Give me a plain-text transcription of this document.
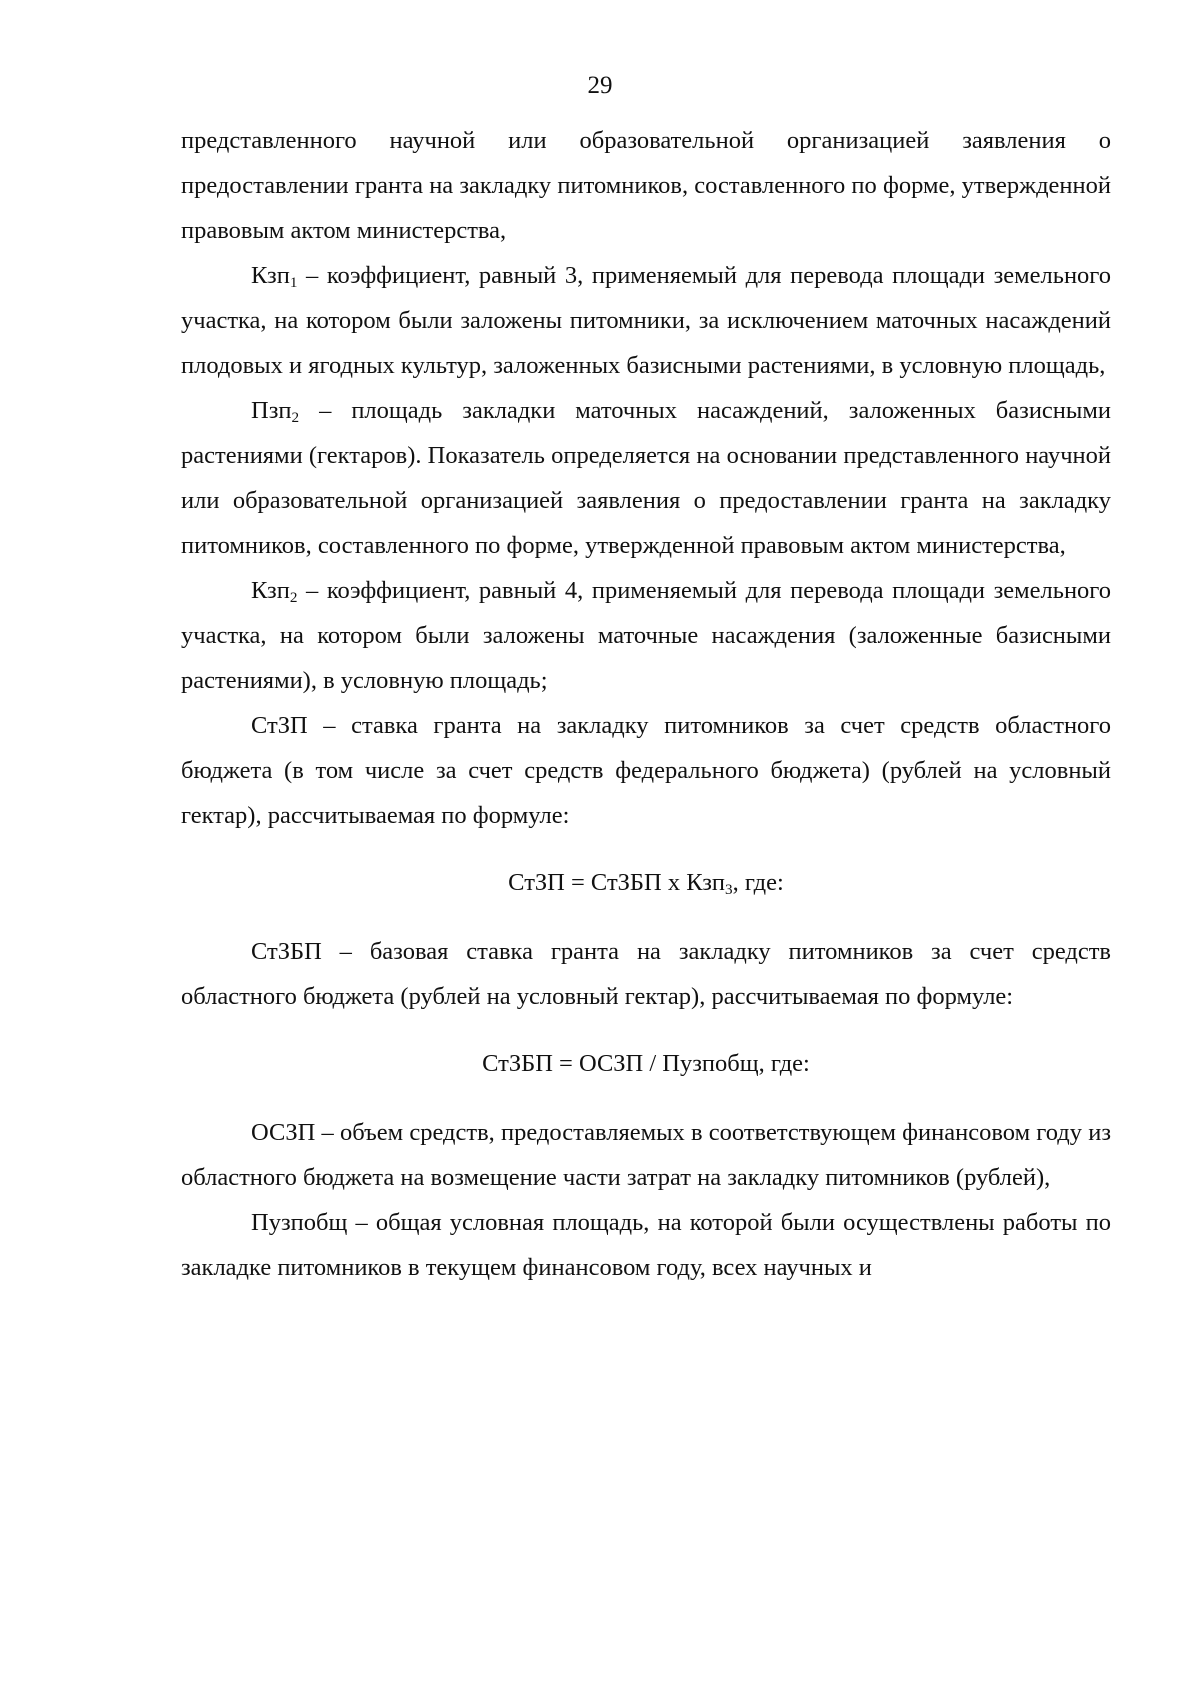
29

представленного научной или образовательной организацией заявления о предоставлении гранта на закладку питомников, составленного по форме, утвержденной правовым актом министерства,

Кзп$_1$ – коэффициент, равный 3, применяемый для перевода площади земельного участка, на котором были заложены питомники, за исключением маточных насаждений плодовых и ягодных культур, заложенных базисными растениями, в условную площадь,

Пзп$_2$ – площадь закладки маточных насаждений, заложенных базисными растениями (гектаров). Показатель определяется на основании представленного научной или образовательной организацией заявления о предоставлении гранта на закладку питомников, составленного по форме, утвержденной правовым актом министерства,

Кзп$_2$ – коэффициент, равный 4, применяемый для перевода площади земельного участка, на котором были заложены маточные насаждения (заложенные базисными растениями), в условную площадь;

СтЗП – ставка гранта на закладку питомников за счет средств областного бюджета (в том числе за счет средств федерального бюджета) (рублей на условный гектар), рассчитываемая по формуле:

СтЗП = СтЗБП х Кзп$_3$, где:

СтЗБП – базовая ставка гранта на закладку питомников за счет средств областного бюджета (рублей на условный гектар), рассчитываемая по формуле:

СтЗБП = ОСЗП / Пузпобщ, где:

ОСЗП – объем средств, предоставляемых в соответствующем финансовом году из областного бюджета на возмещение части затрат на закладку питомников (рублей),

Пузпобщ – общая условная площадь, на которой были осуществлены работы по закладке питомников в текущем финансовом году, всех научных и
